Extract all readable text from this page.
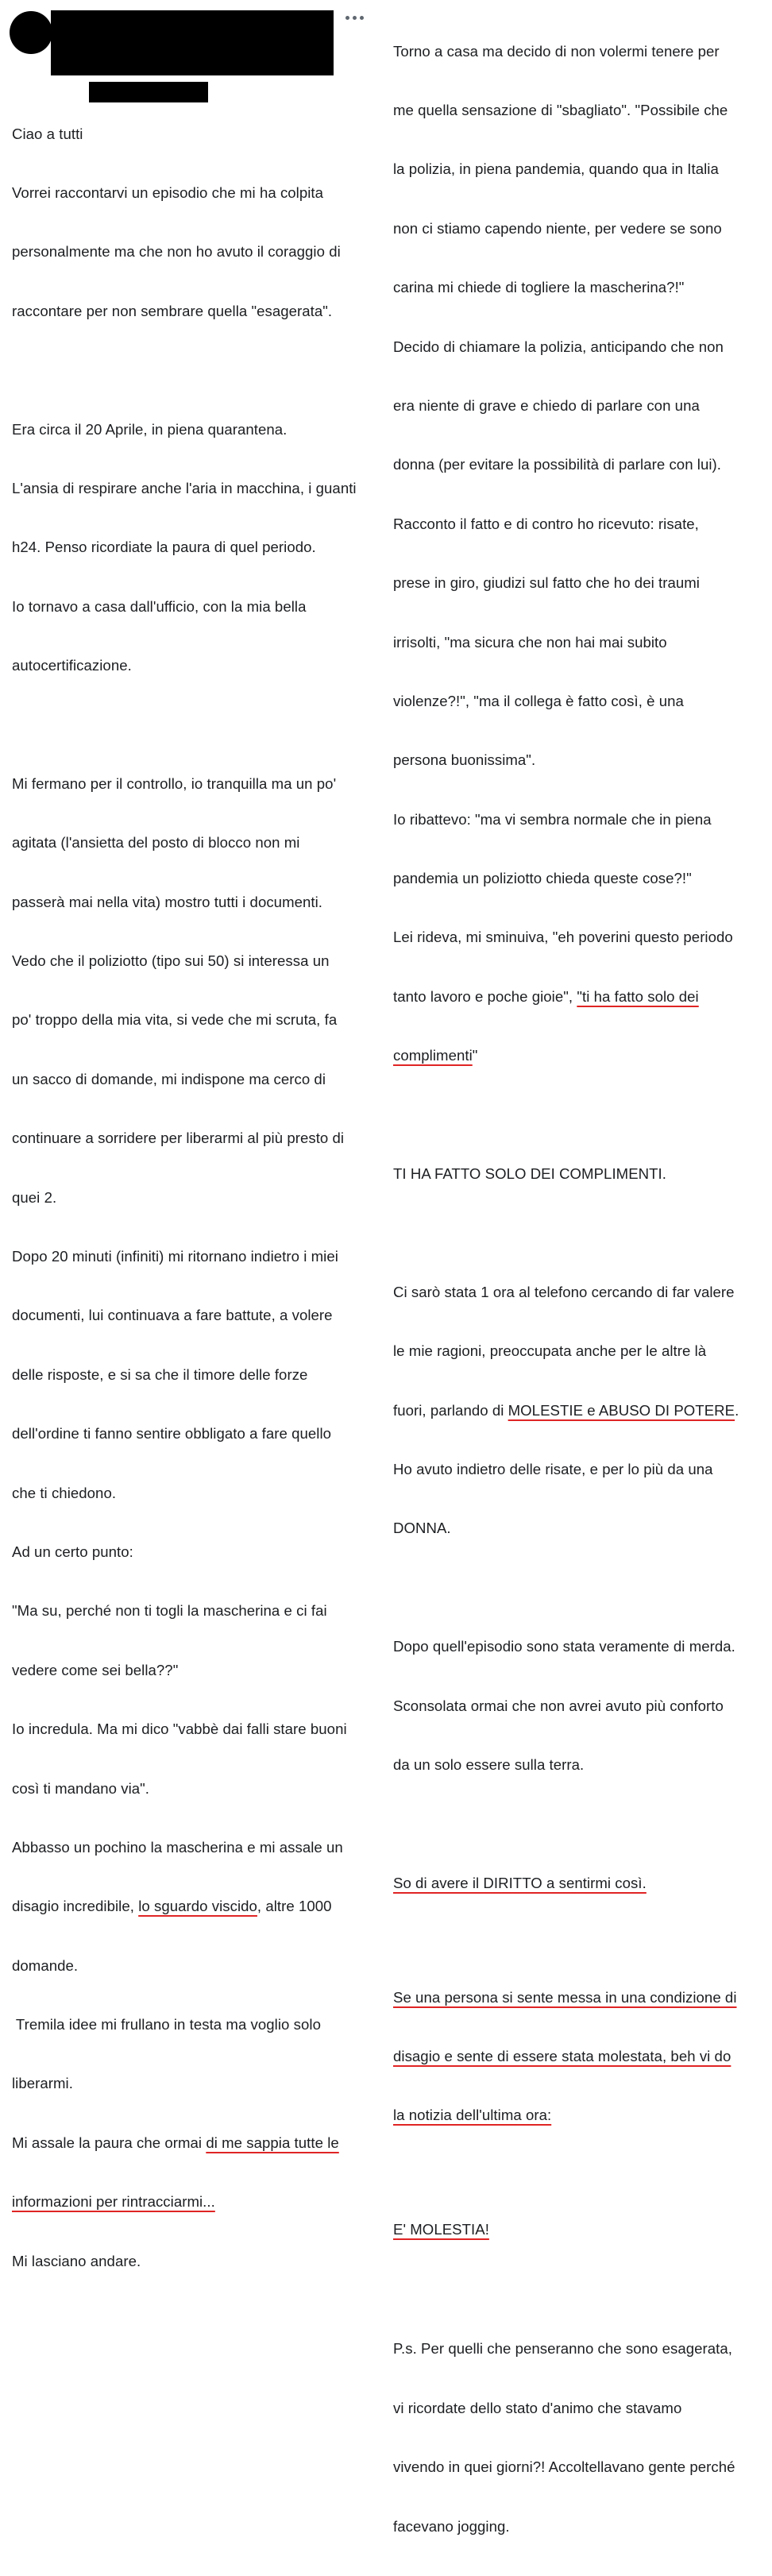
Ciao a tutti

Vorrei raccontarvi un episodio che mi ha colpita

personalmente ma che non ho avuto il coraggio di

raccontare per non sembrare quella "esagerata".

Era circa il 20 Aprile, in piena quarantena.

L'ansia di respirare anche l'aria in macchina, i guanti

h24. Penso ricordiate la paura di quel periodo.

Io tornavo a casa dall'ufficio, con la mia bella

autocertificazione.

Mi fermano per il controllo, io tranquilla ma un po'

agitata (l'ansietta del posto di blocco non mi

passerà mai nella vita) mostro tutti i documenti.

Vedo che il poliziotto (tipo sui 50) si interessa un

po' troppo della mia vita, si vede che mi scruta, fa

un sacco di domande, mi indispone ma cerco di

continuare a sorridere per liberarmi al più presto di

quei 2.

Dopo 20 minuti (infiniti) mi ritornano indietro i miei

documenti, lui continuava a fare battute, a volere

delle risposte, e si sa che il timore delle forze

dell'ordine ti fanno sentire obbligato a fare quello

che ti chiedono.

Ad un certo punto:

"Ma su, perché non ti togli la mascherina e ci fai

vedere come sei bella??"

Io incredula. Ma mi dico "vabbè dai falli stare buoni

così ti mandano via".

Abbasso un pochino la mascherina e mi assale un

disagio incredibile, lo sguardo viscido, altre 1000

domande.

Tremila idee mi frullano in testa ma voglio solo

liberarmi.

Mi assale la paura che ormai di me sappia tutte le

informazioni per rintracciarmi...

Mi lasciano andare.

Torno a casa ma decido di non volermi tenere per

me quella sensazione di "sbagliato". "Possibile che

la polizia, in piena pandemia, quando qua in Italia

non ci stiamo capendo niente, per vedere se sono

carina mi chiede di togliere la mascherina?!"

Decido di chiamare la polizia, anticipando che non

era niente di grave e chiedo di parlare con una

donna (per evitare la possibilità di parlare con lui).

Racconto il fatto e di contro ho ricevuto: risate,

prese in giro, giudizi sul fatto che ho dei traumi

irrisolti, "ma sicura che non hai mai subito

violenze?!", "ma il collega è fatto così, è una

persona buonissima".

Io ribattevo: "ma vi sembra normale che in piena

pandemia un poliziotto chieda queste cose?!"

Lei rideva, mi sminuiva, "eh poverini questo periodo

tanto lavoro e poche gioie", "ti ha fatto solo dei

complimenti"

TI HA FATTO SOLO DEI COMPLIMENTI.

Ci sarò stata 1 ora al telefono cercando di far valere

le mie ragioni, preoccupata anche per le altre là

fuori, parlando di MOLESTIE e ABUSO DI POTERE.

Ho avuto indietro delle risate, e per lo più da una

DONNA.

Dopo quell'episodio sono stata veramente di merda.

Sconsolata ormai che non avrei avuto più conforto

da un solo essere sulla terra.

So di avere il DIRITTO a sentirmi così.

Se una persona si sente messa in una condizione di

disagio e sente di essere stata molestata, beh vi do

la notizia dell'ultima ora:

E' MOLESTIA!

P.s. Per quelli che penseranno che sono esagerata,

vi ricordate dello stato d'animo che stavamo

vivendo in quei giorni?! Accoltellavano gente perché

facevano jogging.
